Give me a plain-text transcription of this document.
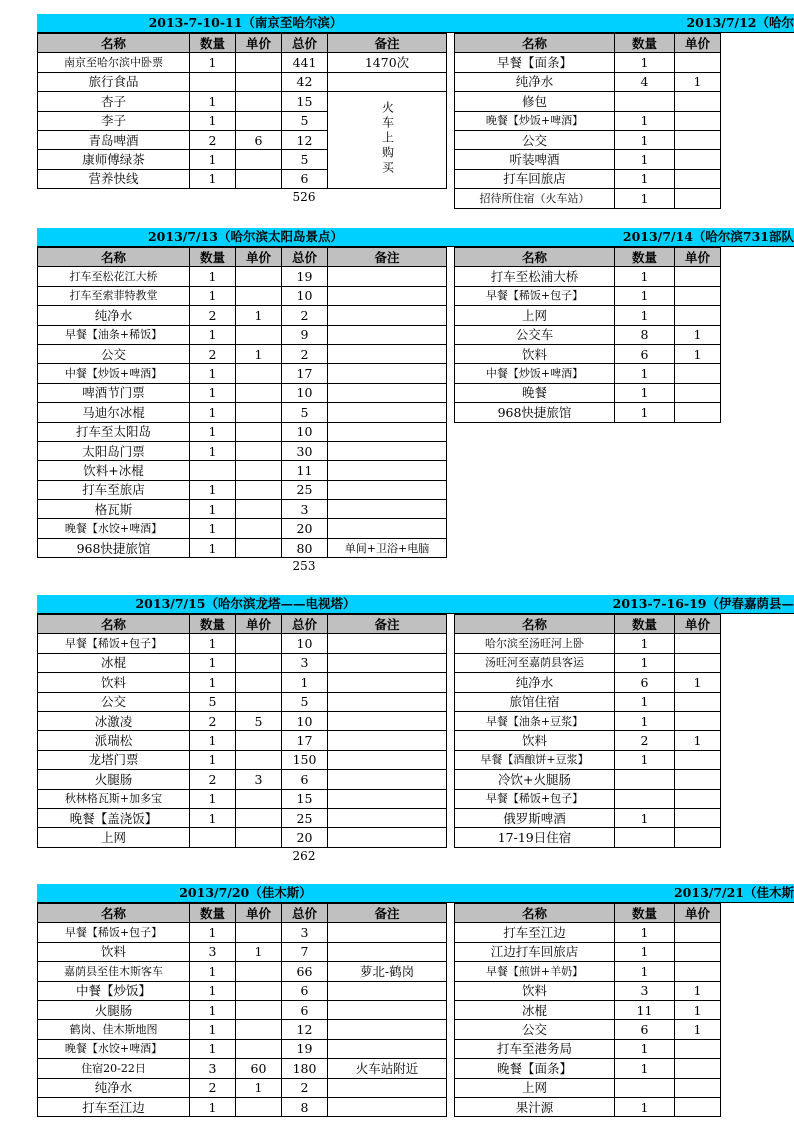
2013-7-10-11（南京至哈尔滨）	2013/7/12（哈尔
名称	数量	单价	总价	备注
南京至哈尔滨中卧票	1		441	1470次
旅行食品			42	
杏子	1		15	火车上购买
李子	1		5	
青岛啤酒	2	6	12	
康师傅绿茶	1		5	
营养快线	1		6	
526
名称	数量	单价
早餐【面条】	1	
纯净水	4	1
修包		
晚餐【炒饭+啤酒】	1	
公交	1	
听装啤酒	1	
打车回旅店	1	
招待所住宿（火车站）	1	
2013/7/13（哈尔滨太阳岛景点）	2013/7/14（哈尔滨731部队
名称	数量	单价	总价	备注
打车至松花江大桥	1		19	
打车至索菲特教堂	1		10	
纯净水	2	1	2	
早餐【油条+稀饭】	1		9	
公交	2	1	2	
中餐【炒饭+啤酒】	1		17	
啤酒节门票	1		10	
马迪尔冰棍	1		5	
打车至太阳岛	1		10	
太阳岛门票	1		30	
饮料+冰棍			11	
打车至旅店	1		25	
格瓦斯	1		3	
晚餐【水饺+啤酒】	1		20	
968快捷旅馆	1		80	单间+卫浴+电脑
253
名称	数量	单价
打车至松浦大桥	1	
早餐【稀饭+包子】	1	
上网	1	
公交车	8	1
饮料	6	1
中餐【炒饭+啤酒】	1	
晚餐	1	
968快捷旅馆	1	
2013/7/15（哈尔滨龙塔——电视塔）	2013-7-16-19（伊春嘉荫县—
名称	数量	单价	总价	备注
早餐【稀饭+包子】	1		10	
冰棍	1		3	
饮料	1		1	
公交	5		5	
冰激凌	2	5	10	
派瑞松	1		17	
龙塔门票	1		150	
火腿肠	2	3	6	
秋林格瓦斯+加多宝	1		15	
晚餐【盖浇饭】	1		25	
上网			20	
262
名称	数量	单价
哈尔滨至汤旺河上卧	1	
汤旺河至嘉荫县客运	1	
纯净水	6	1
旅馆住宿	1	
早餐【油条+豆浆】	1	
饮料	2	1
早餐【酒酿饼+豆浆】	1	
冷饮+火腿肠		
早餐【稀饭+包子】		
俄罗斯啤酒	1	
17-19日住宿		
2013/7/20（佳木斯）	2013/7/21（佳木斯
名称	数量	单价	总价	备注
早餐【稀饭+包子】	1		3	
饮料	3	1	7	
嘉荫县至佳木斯客车	1		66	萝北-鹤岗
中餐【炒饭】	1		6	
火腿肠	1		6	
鹤岗、佳木斯地图	1		12	
晚餐【水饺+啤酒】	1		19	
住宿20-22日	3	60	180	火车站附近
纯净水	2	1	2	
打车至江边	1		8	
名称	数量	单价
打车至江边	1	
江边打车回旅店	1	
早餐【煎饼+羊奶】	1	
饮料	3	1
冰棍	11	1
公交	6	1
打车至港务局	1	
晚餐【面条】	1	
上网		
果汁源	1	
